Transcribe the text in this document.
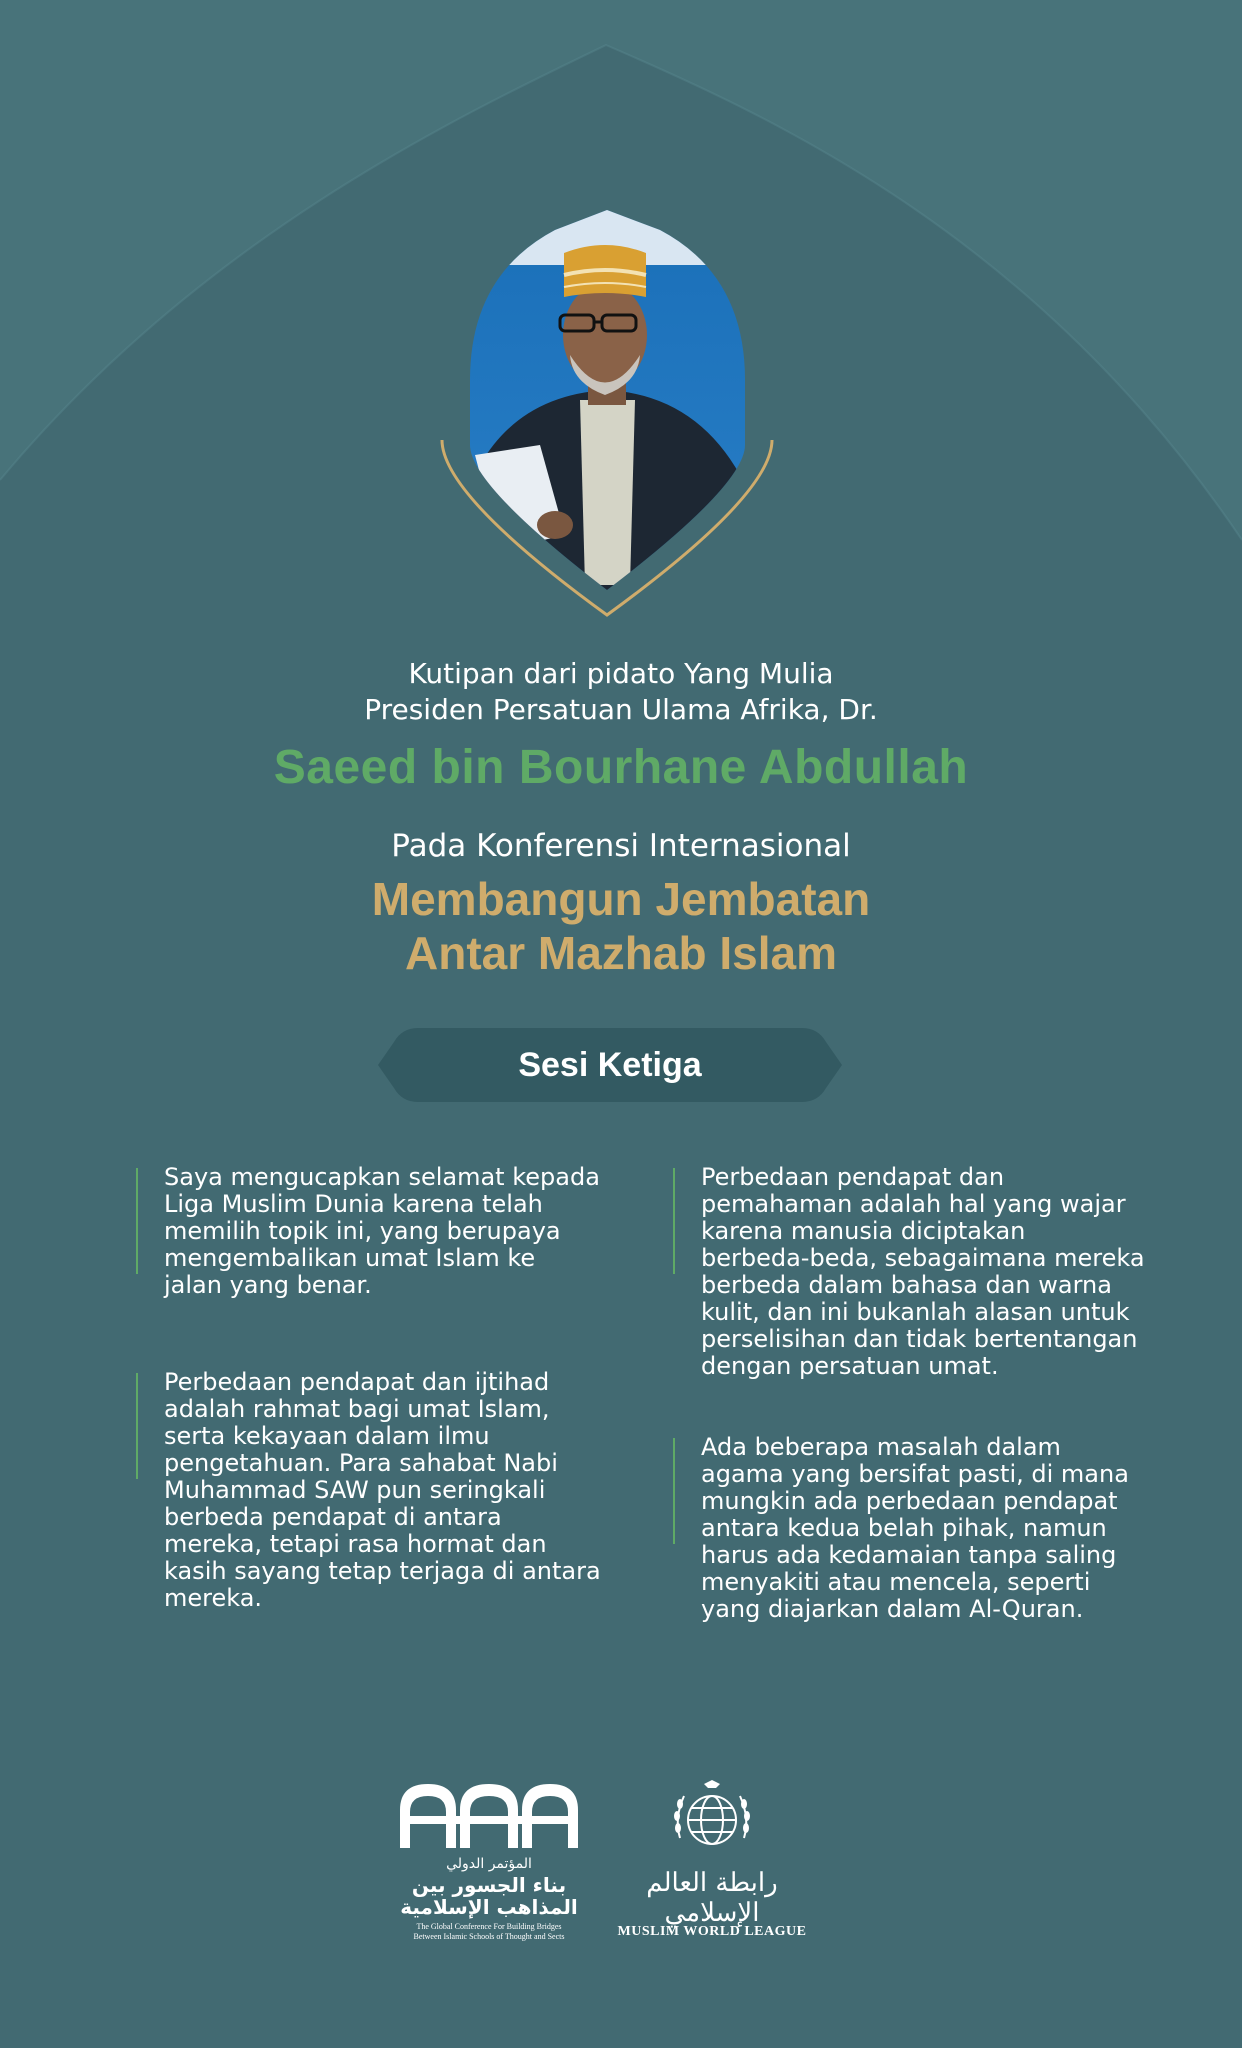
Kutipan dari pidato Yang Mulia
Presiden Persatuan Ulama Afrika, Dr.
Saeed bin Bourhane Abdullah
Pada Konferensi Internasional
Membangun Jembatan
Antar Mazhab Islam
Sesi Ketiga
Saya mengucapkan selamat kepada
Liga Muslim Dunia karena telah
memilih topik ini, yang berupaya
mengembalikan umat Islam ke
jalan yang benar.
Perbedaan pendapat dan ijtihad
adalah rahmat bagi umat Islam,
serta kekayaan dalam ilmu
pengetahuan. Para sahabat Nabi
Muhammad SAW pun seringkali
berbeda pendapat di antara
mereka, tetapi rasa hormat dan
kasih sayang tetap terjaga di antara
mereka.
Perbedaan pendapat dan
pemahaman adalah hal yang wajar
karena manusia diciptakan
berbeda-beda, sebagaimana mereka
berbeda dalam bahasa dan warna
kulit, dan ini bukanlah alasan untuk
perselisihan dan tidak bertentangan
dengan persatuan umat.
Ada beberapa masalah dalam
agama yang bersifat pasti, di mana
mungkin ada perbedaan pendapat
antara kedua belah pihak, namun
harus ada kedamaian tanpa saling
menyakiti atau mencela, seperti
yang diajarkan dalam Al-Quran.
المؤتمر الدولي
بناء الجسور بين
المذاهب الإسلامية
The Global Conference For Building Bridges
Between Islamic Schools of Thought and Sects
رابطة العالم الإسلامي
MUSLIM WORLD LEAGUE
